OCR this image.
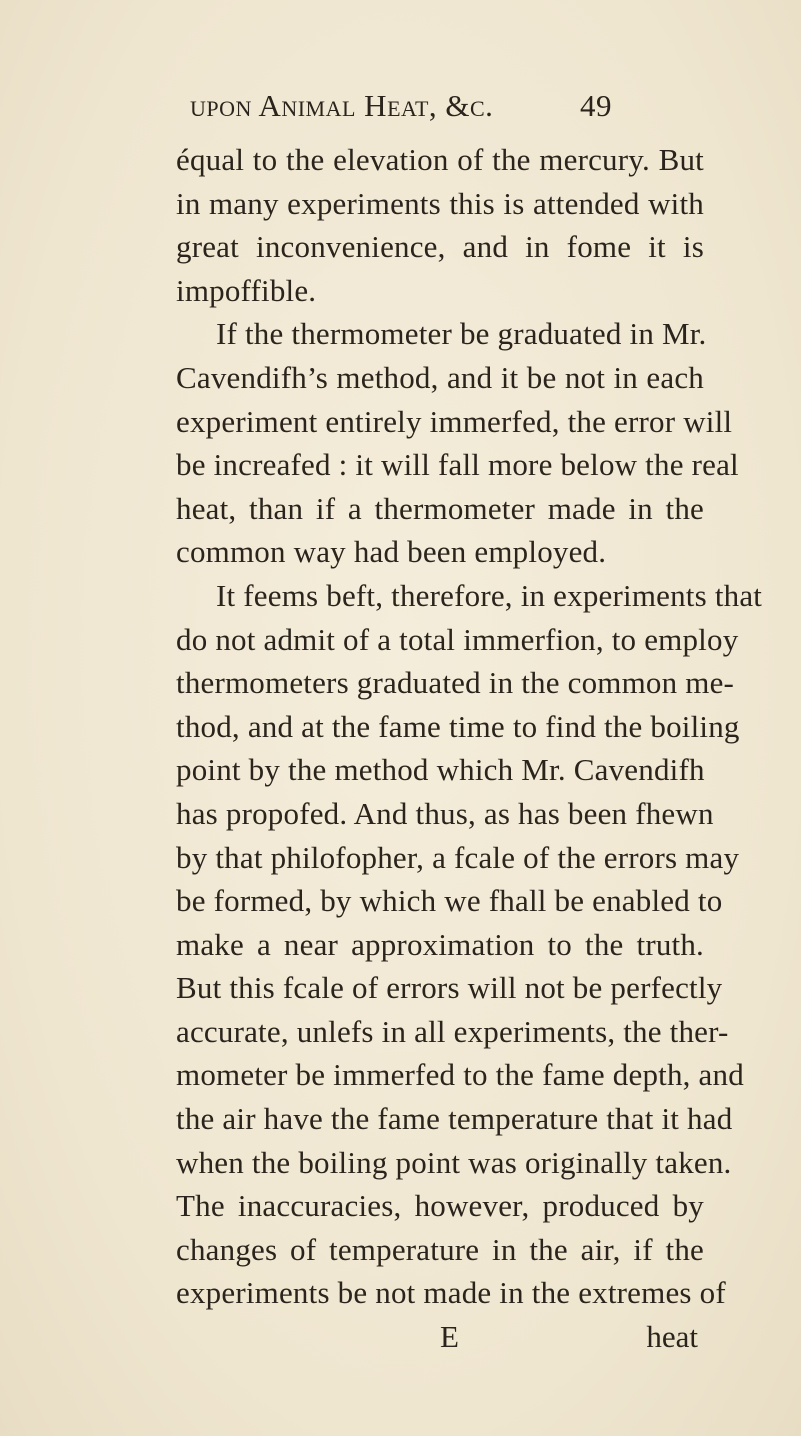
upon Animal Heat, &c.	49
équal to the elevation of the mercury. But
in many experiments this is attended with
great inconvenience, and in fome it is
impoffible.
If the thermometer be graduated in Mr.
Cavendifh’s method, and it be not in each
experiment entirely immerfed, the error will
be increafed : it will fall more below the real
heat, than if a thermometer made in the
common way had been employed.
It feems beft, therefore, in experiments that
do not admit of a total immerfion, to employ
thermometers graduated in the common me-
thod, and at the fame time to find the boiling
point by the method which Mr. Cavendifh
has propofed. And thus, as has been fhewn
by that philofopher, a fcale of the errors may
be formed, by which we fhall be enabled to
make a near approximation to the truth.
But this fcale of errors will not be perfectly
accurate, unlefs in all experiments, the ther-
mometer be immerfed to the fame depth, and
the air have the fame temperature that it had
when the boiling point was originally taken.
The inaccuracies, however, produced by
changes of temperature in the air, if the
experiments be not made in the extremes of
E	heat
